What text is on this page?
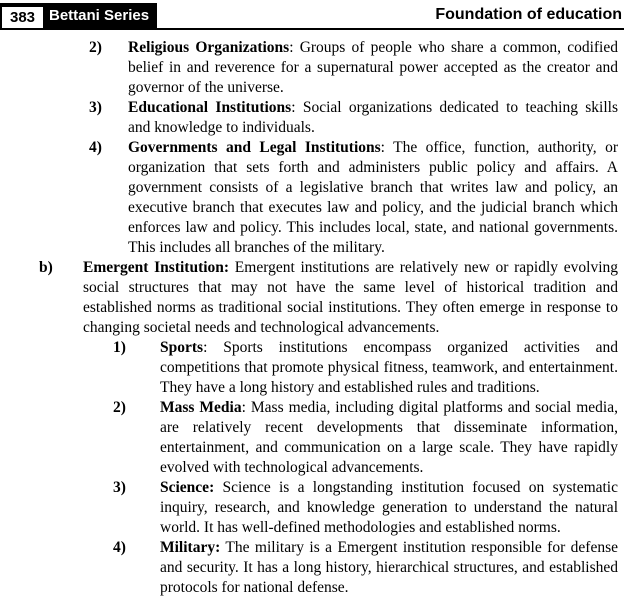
383 Bettani Series	Foundation of education

2) Religious Organizations: Groups of people who share a common, codified belief in and reverence for a supernatural power accepted as the creator and governor of the universe.

3) Educational Institutions: Social organizations dedicated to teaching skills and knowledge to individuals.

4) Governments and Legal Institutions: The office, function, authority, or organization that sets forth and administers public policy and affairs. A government consists of a legislative branch that writes law and policy, an executive branch that executes law and policy, and the judicial branch which enforces law and policy. This includes local, state, and national governments. This includes all branches of the military.

b) Emergent Institution: Emergent institutions are relatively new or rapidly evolving social structures that may not have the same level of historical tradition and established norms as traditional social institutions. They often emerge in response to changing societal needs and technological advancements.

1) Sports: Sports institutions encompass organized activities and competitions that promote physical fitness, teamwork, and entertainment. They have a long history and established rules and traditions.

2) Mass Media: Mass media, including digital platforms and social media, are relatively recent developments that disseminate information, entertainment, and communication on a large scale. They have rapidly evolved with technological advancements.

3) Science: Science is a longstanding institution focused on systematic inquiry, research, and knowledge generation to understand the natural world. It has well-defined methodologies and established norms.

4) Military: The military is a Emergent institution responsible for defense and security. It has a long history, hierarchical structures, and established protocols for national defense.
